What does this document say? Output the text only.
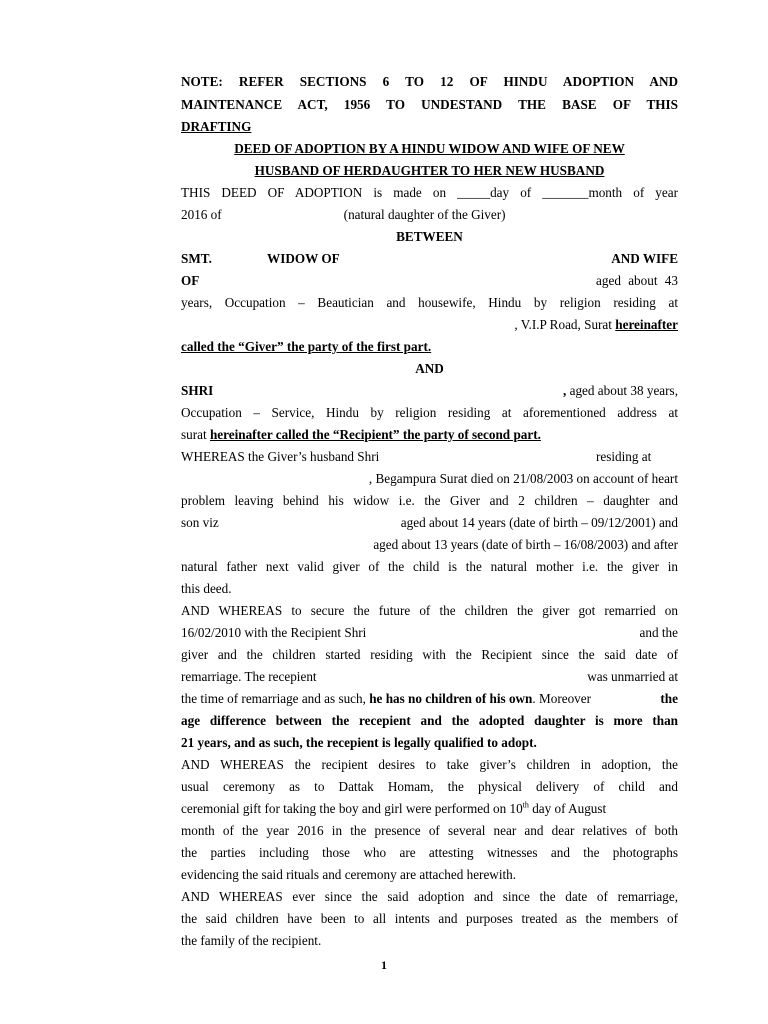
NOTE: REFER SECTIONS 6 TO 12 OF HINDU ADOPTION AND
MAINTENANCE ACT, 1956 TO UNDESTAND THE BASE OF THIS
DRAFTING
DEED OF ADOPTION BY A HINDU WIDOW AND WIFE OF NEW
HUSBAND OF HERDAUGHTER TO HER NEW HUSBAND
THIS DEED OF ADOPTION is made on _____day of _______month of year
2016 of	(natural daughter of the Giver)
BETWEEN
SMT.	WIDOW OF	AND WIFE
OF	aged about 43
years, Occupation – Beautician and housewife, Hindu by religion residing at
, V.I.P Road, Surat hereinafter
called the “Giver” the party of the first part.
AND
SHRI	, aged about 38 years,
Occupation – Service, Hindu by religion residing at aforementioned address at
surat hereinafter called the “Recipient” the party of second part.
WHEREAS the Giver’s husband Shri	residing at
, Begampura Surat died on 21/08/2003 on account of heart
problem leaving behind his widow i.e. the Giver and 2 children – daughter and
son viz	aged about 14 years (date of birth – 09/12/2001) and
aged about 13 years (date of birth – 16/08/2003) and after
natural father next valid giver of the child is the natural mother i.e. the giver in
this deed.
AND WHEREAS to secure the future of the children the giver got remarried on
16/02/2010 with the Recipient Shri	and the
giver and the children started residing with the Recipient since the said date of
remarriage. The recepient	was unmarried at
the time of remarriage and as such, he has no children of his own. Moreover	the
age difference between the recepient and the adopted daughter is more than
21 years, and as such, the recepient is legally qualified to adopt.
AND WHEREAS the recipient desires to take giver’s children in adoption, the
usual ceremony as to Dattak Homam, the physical delivery of child and
ceremonial gift for taking the boy and girl were performed on 10th day of August
month of the year 2016 in the presence of several near and dear relatives of both
the parties including those who are attesting witnesses and the photographs
evidencing the said rituals and ceremony are attached herewith.
AND WHEREAS ever since the said adoption and since the date of remarriage,
the said children have been to all intents and purposes treated as the members of
the family of the recipient.
1
